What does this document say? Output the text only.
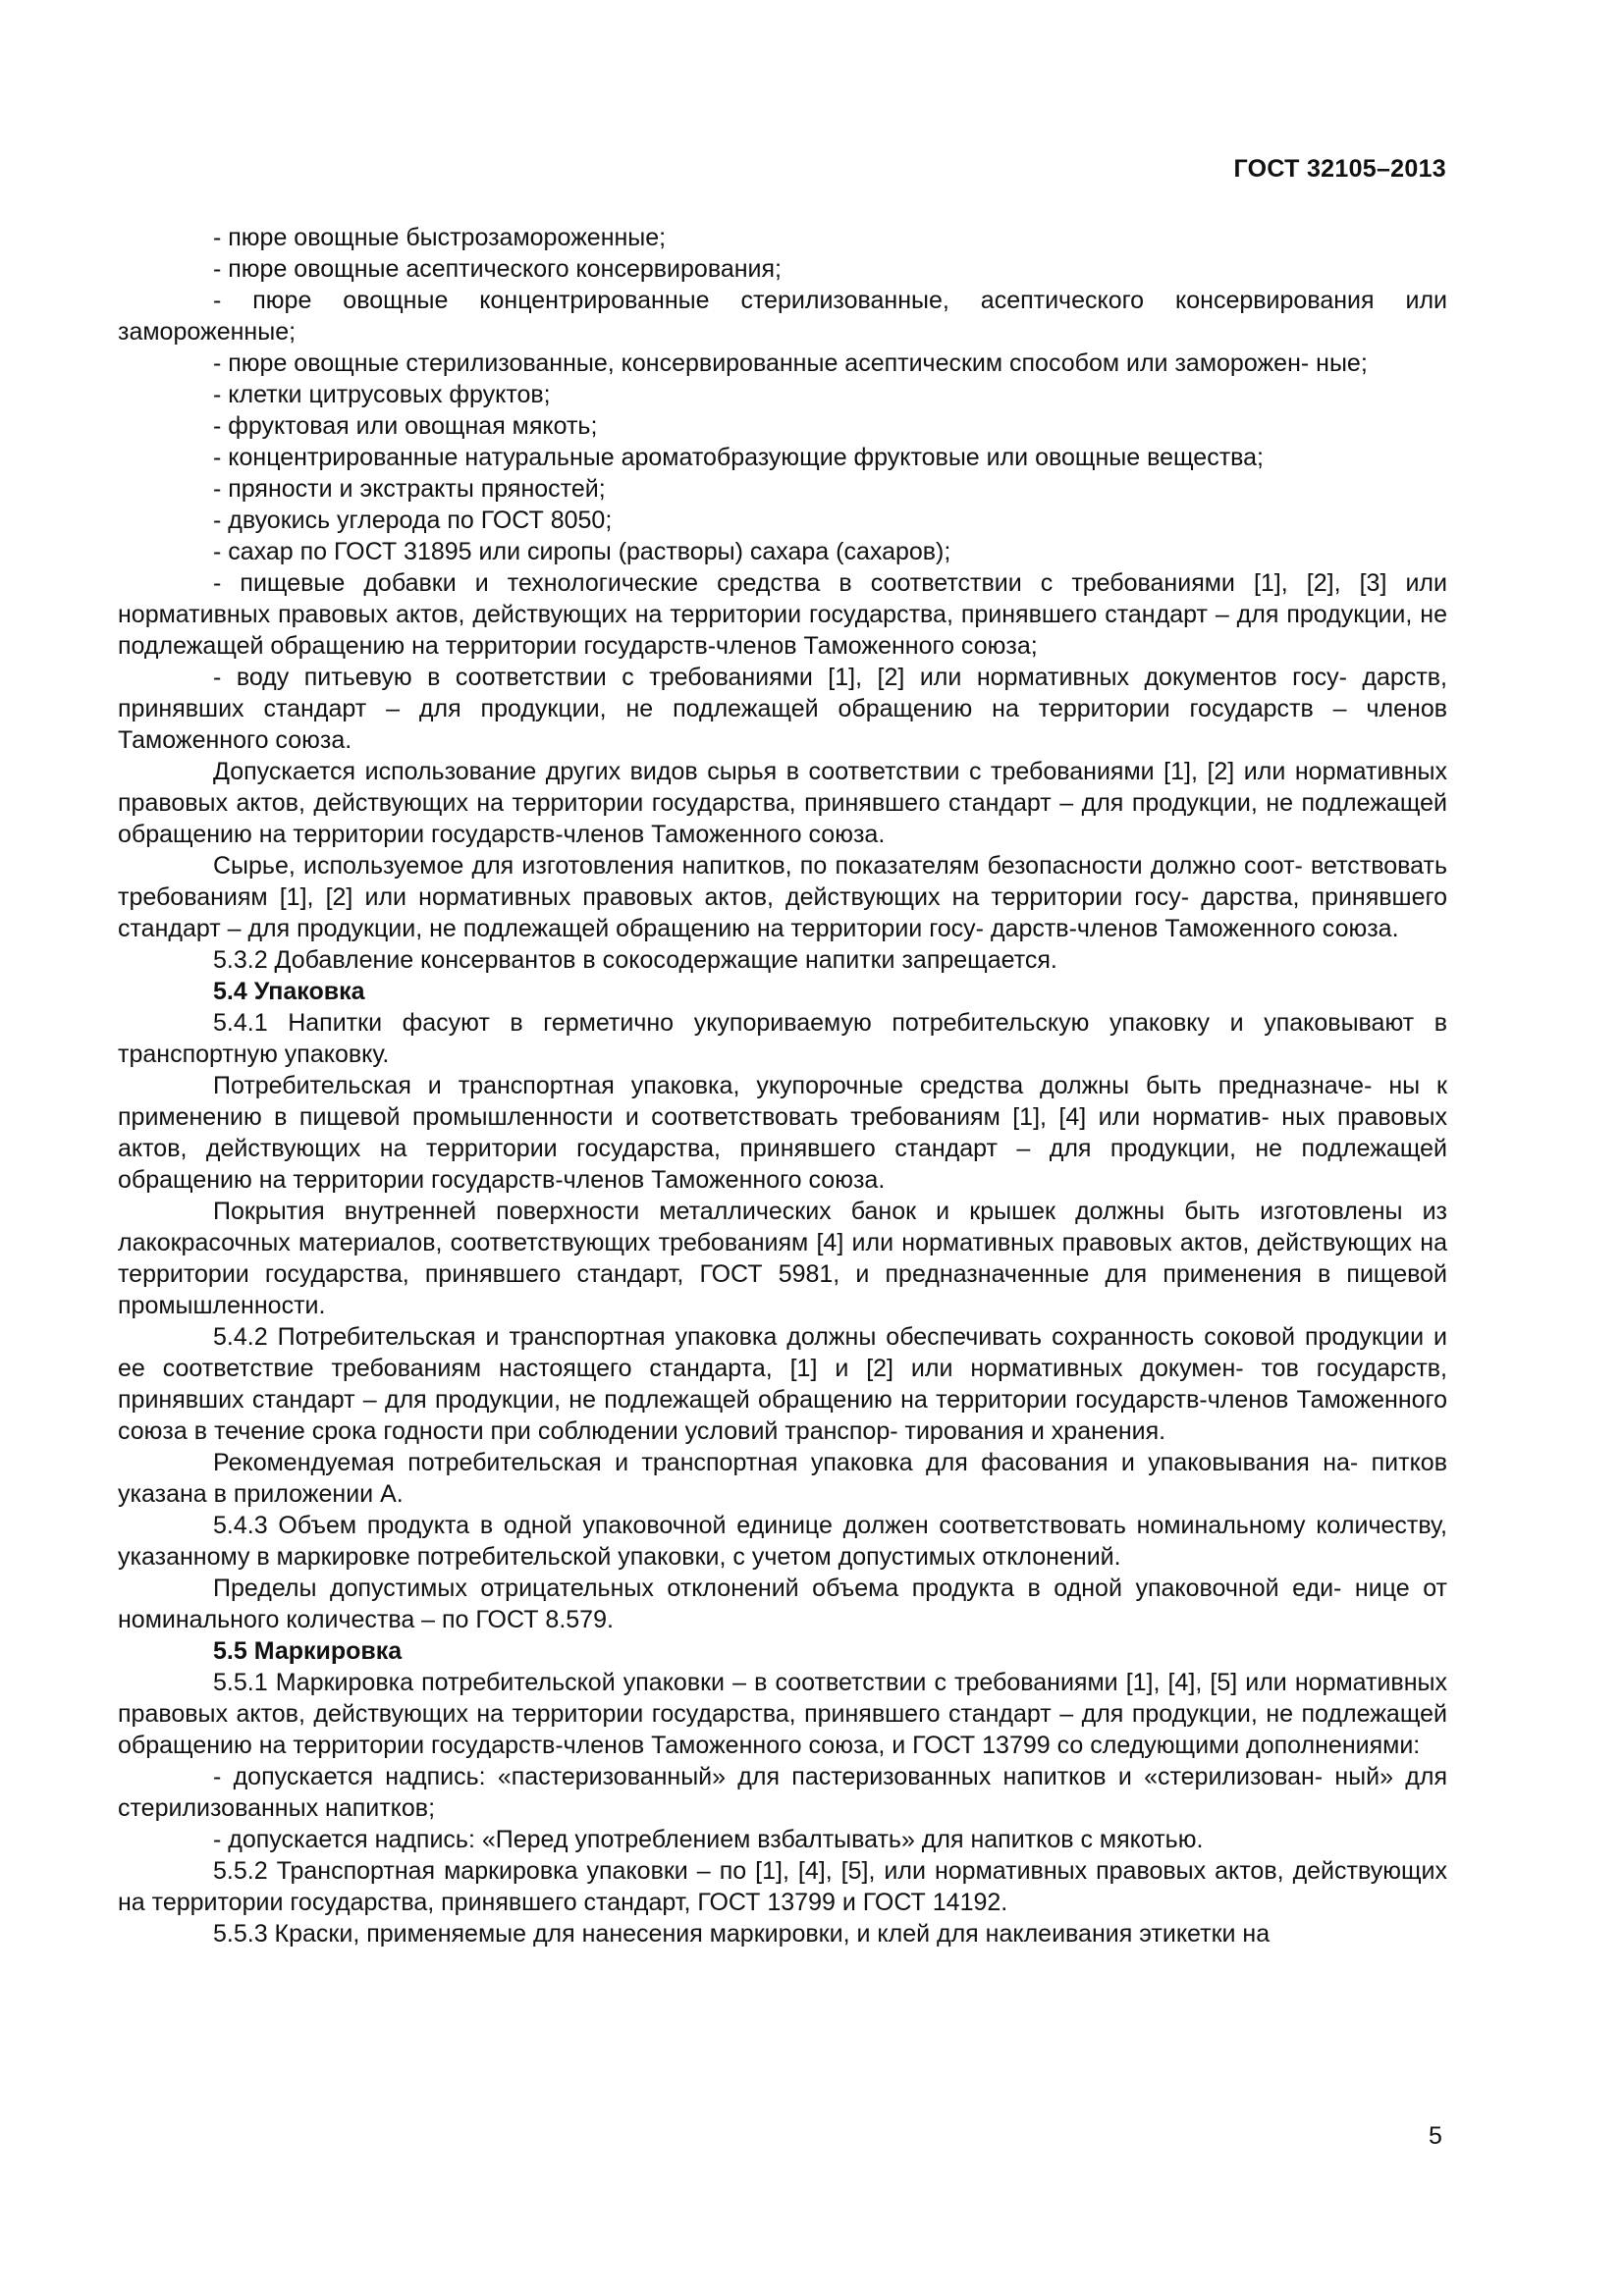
ГОСТ 32105–2013

- пюре овощные быстрозамороженные;

- пюре овощные асептического консервирования;

- пюре овощные концентрированные стерилизованные, асептического консервирования или замороженные;

- пюре овощные стерилизованные, консервированные асептическим способом или заморожен- ные;

- клетки цитрусовых фруктов;

- фруктовая или овощная мякоть;

- концентрированные натуральные ароматобразующие фруктовые или овощные вещества;

- пряности и экстракты пряностей;

- двуокись углерода по ГОСТ 8050;

- сахар по ГОСТ 31895 или сиропы (растворы) сахара (сахаров);

- пищевые добавки и технологические средства в соответствии с требованиями [1], [2], [3] или нормативных правовых актов, действующих на территории государства, принявшего стандарт – для продукции, не подлежащей обращению на территории государств-членов Таможенного союза;

- воду питьевую в соответствии с требованиями [1], [2] или нормативных документов госу- дарств, принявших стандарт – для продукции, не подлежащей обращению на территории государств – членов Таможенного союза.

Допускается использование других видов сырья в соответствии с требованиями [1], [2] или нормативных правовых актов, действующих на территории государства, принявшего стандарт – для продукции, не подлежащей обращению на территории государств-членов Таможенного союза.

Сырье, используемое для изготовления напитков, по показателям безопасности должно соот- ветствовать требованиям [1], [2] или нормативных правовых актов, действующих на территории госу- дарства, принявшего стандарт – для продукции, не подлежащей обращению на территории госу- дарств-членов Таможенного союза.

5.3.2 Добавление консервантов в сокосодержащие напитки запрещается.

5.4 Упаковка

5.4.1 Напитки фасуют в герметично укупориваемую потребительскую упаковку и упаковывают в транспортную упаковку.

Потребительская и транспортная упаковка, укупорочные средства должны быть предназначе- ны к применению в пищевой промышленности и соответствовать требованиям [1], [4] или норматив- ных правовых актов, действующих на территории государства, принявшего стандарт – для продукции, не подлежащей обращению на территории государств-членов Таможенного союза.

Покрытия внутренней поверхности металлических банок и крышек должны быть изготовлены из лакокрасочных материалов, соответствующих требованиям [4] или нормативных правовых актов, действующих на территории государства, принявшего стандарт, ГОСТ 5981, и предназначенные для применения в пищевой промышленности.

5.4.2 Потребительская и транспортная упаковка должны обеспечивать сохранность соковой продукции и ее соответствие требованиям настоящего стандарта, [1] и [2] или нормативных докумен- тов государств, принявших стандарт – для продукции, не подлежащей обращению на территории государств-членов Таможенного союза в течение срока годности при соблюдении условий транспор- тирования и хранения.

Рекомендуемая потребительская и транспортная упаковка для фасования и упаковывания на- питков указана в приложении А.

5.4.3 Объем продукта в одной упаковочной единице должен соответствовать номинальному количеству, указанному в маркировке потребительской упаковки, с учетом допустимых отклонений.

Пределы допустимых отрицательных отклонений объема продукта в одной упаковочной еди- нице от номинального количества – по ГОСТ 8.579.

5.5 Маркировка

5.5.1 Маркировка потребительской упаковки – в соответствии с требованиями [1], [4], [5] или нормативных правовых актов, действующих на территории государства, принявшего стандарт – для продукции, не подлежащей обращению на территории государств-членов Таможенного союза, и ГОСТ 13799 со следующими дополнениями:

- допускается надпись: «пастеризованный» для пастеризованных напитков и «стерилизован- ный» для стерилизованных напитков;

- допускается надпись: «Перед употреблением взбалтывать» для напитков с мякотью.

5.5.2 Транспортная маркировка упаковки – по [1], [4], [5], или нормативных правовых актов, действующих на территории государства, принявшего стандарт, ГОСТ 13799 и ГОСТ 14192.

5.5.3 Краски, применяемые для нанесения маркировки, и клей для наклеивания этикетки на

5
